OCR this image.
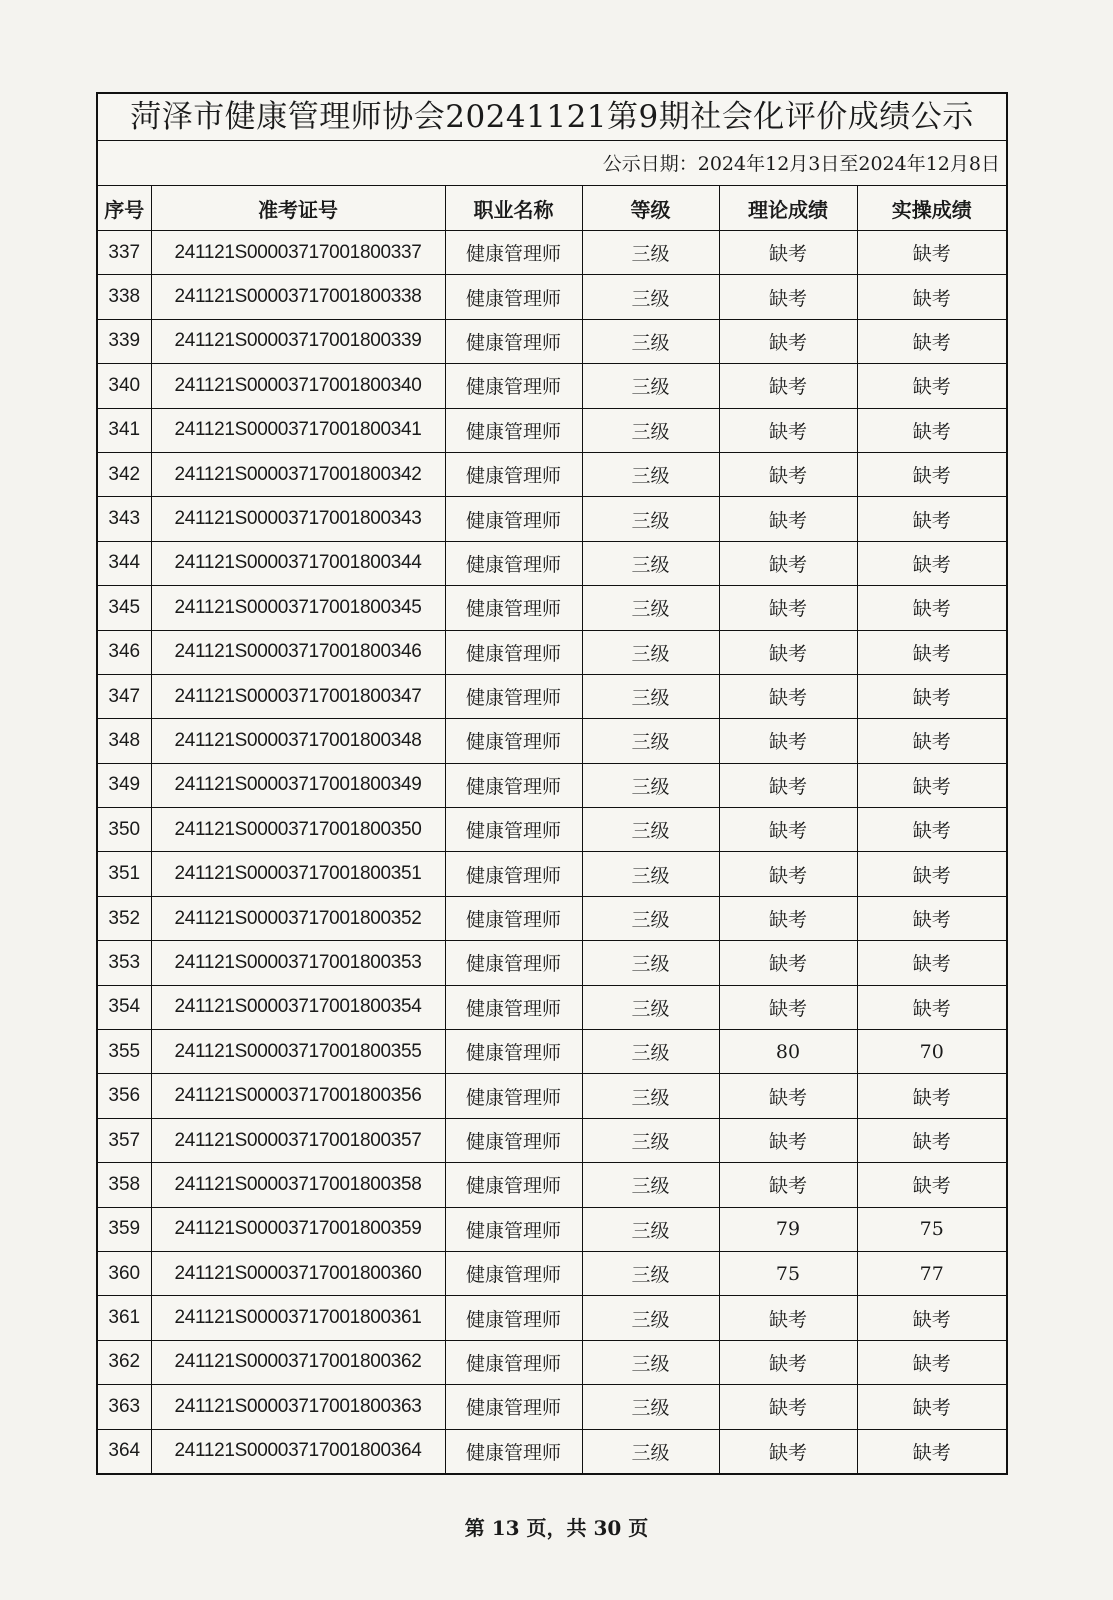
菏泽市健康管理师协会20241121第9期社会化评价成绩公示
公示日期：2024年12月3日至2024年12月8日
序号	准考证号	职业名称	等级	理论成绩	实操成绩
337	241121S00003717001800337	健康管理师	三级	缺考	缺考
338	241121S00003717001800338	健康管理师	三级	缺考	缺考
339	241121S00003717001800339	健康管理师	三级	缺考	缺考
340	241121S00003717001800340	健康管理师	三级	缺考	缺考
341	241121S00003717001800341	健康管理师	三级	缺考	缺考
342	241121S00003717001800342	健康管理师	三级	缺考	缺考
343	241121S00003717001800343	健康管理师	三级	缺考	缺考
344	241121S00003717001800344	健康管理师	三级	缺考	缺考
345	241121S00003717001800345	健康管理师	三级	缺考	缺考
346	241121S00003717001800346	健康管理师	三级	缺考	缺考
347	241121S00003717001800347	健康管理师	三级	缺考	缺考
348	241121S00003717001800348	健康管理师	三级	缺考	缺考
349	241121S00003717001800349	健康管理师	三级	缺考	缺考
350	241121S00003717001800350	健康管理师	三级	缺考	缺考
351	241121S00003717001800351	健康管理师	三级	缺考	缺考
352	241121S00003717001800352	健康管理师	三级	缺考	缺考
353	241121S00003717001800353	健康管理师	三级	缺考	缺考
354	241121S00003717001800354	健康管理师	三级	缺考	缺考
355	241121S00003717001800355	健康管理师	三级	80	70
356	241121S00003717001800356	健康管理师	三级	缺考	缺考
357	241121S00003717001800357	健康管理师	三级	缺考	缺考
358	241121S00003717001800358	健康管理师	三级	缺考	缺考
359	241121S00003717001800359	健康管理师	三级	79	75
360	241121S00003717001800360	健康管理师	三级	75	77
361	241121S00003717001800361	健康管理师	三级	缺考	缺考
362	241121S00003717001800362	健康管理师	三级	缺考	缺考
363	241121S00003717001800363	健康管理师	三级	缺考	缺考
364	241121S00003717001800364	健康管理师	三级	缺考	缺考
第 13 页，共 30 页
